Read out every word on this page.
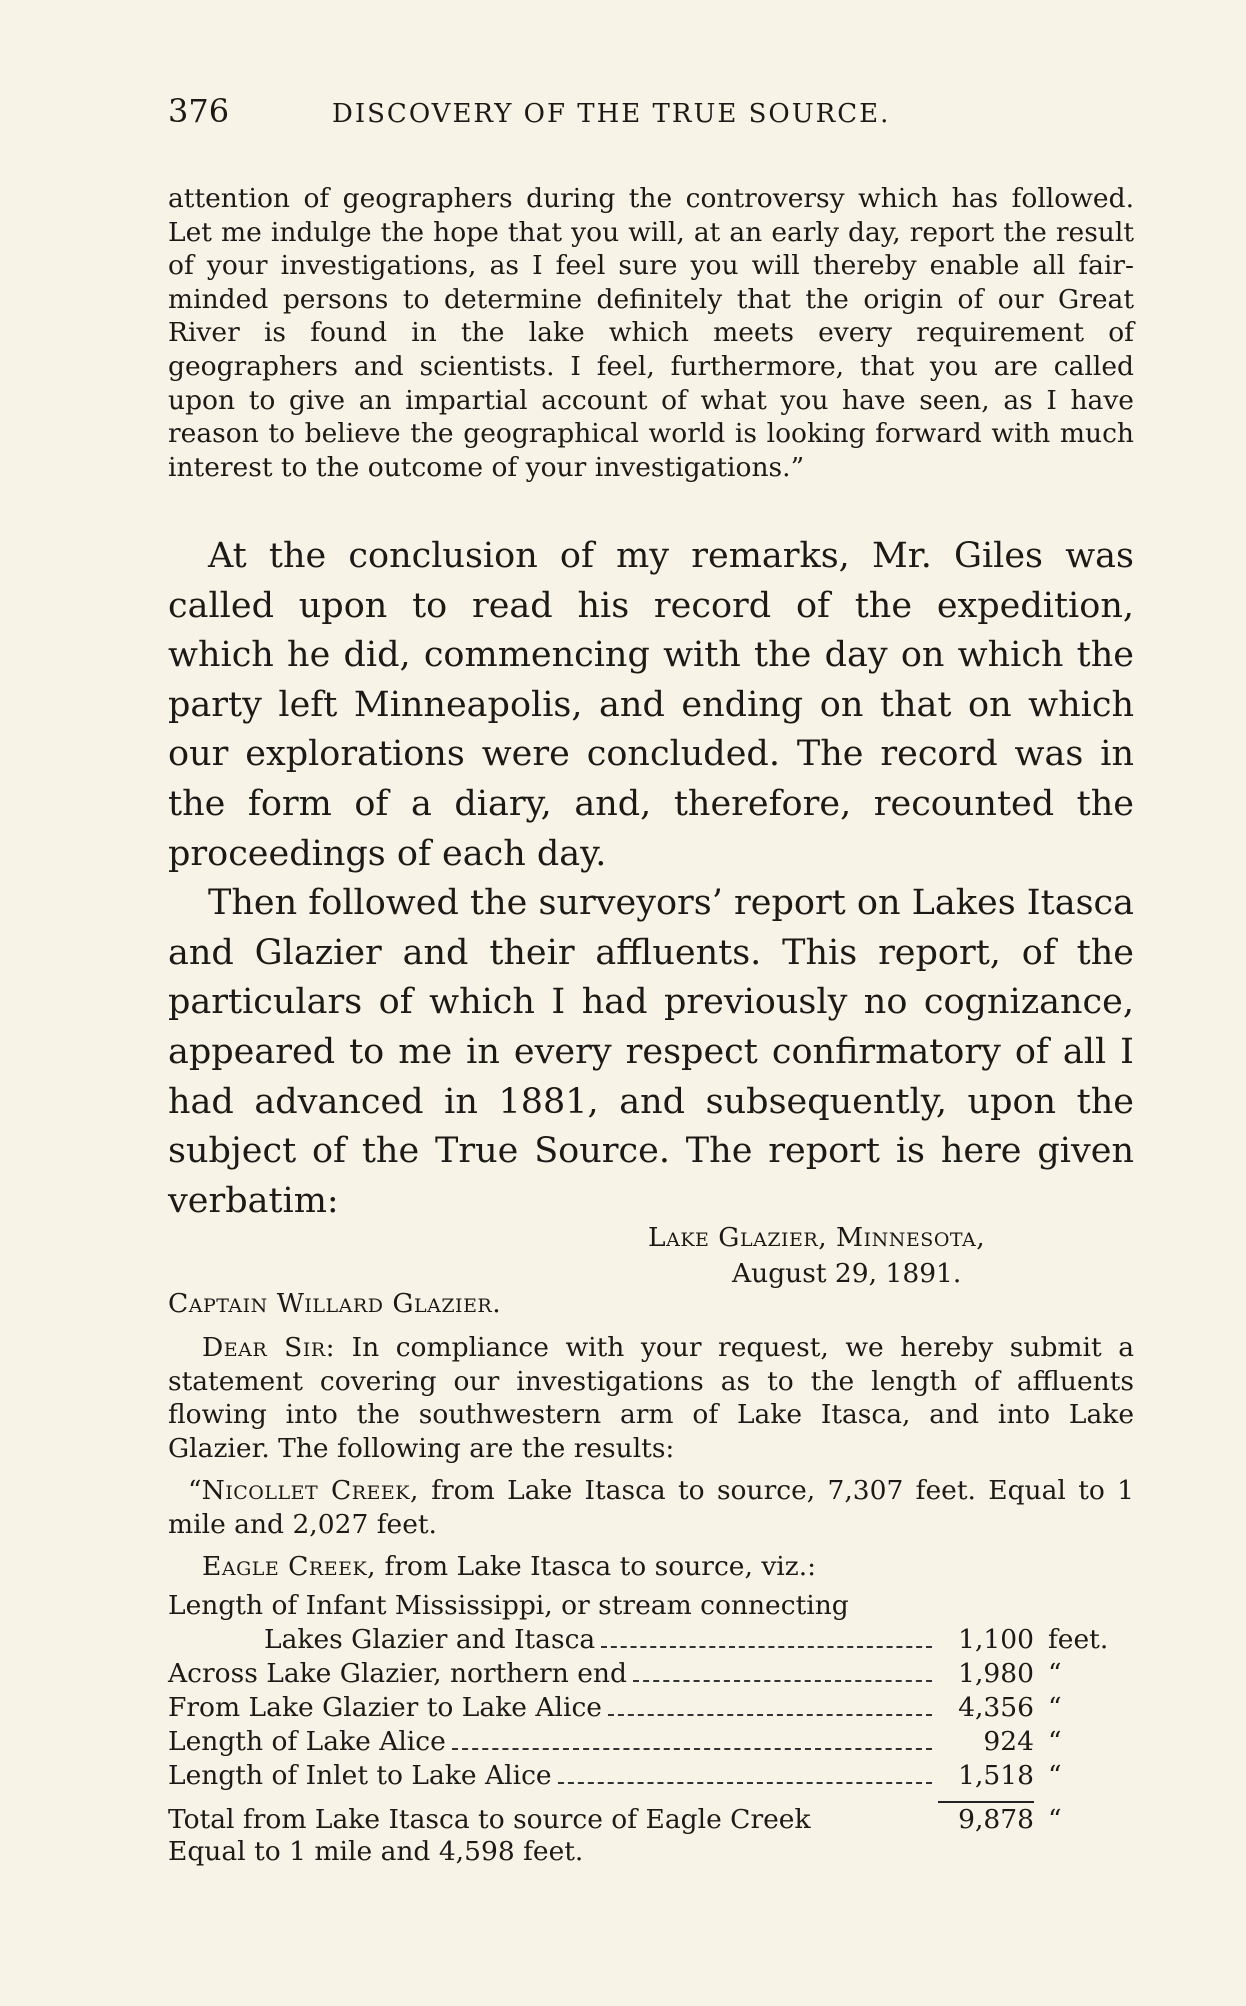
376	DISCOVERY OF THE TRUE SOURCE.
attention of geographers during the controversy which has followed. Let me indulge the hope that you will, at an early day, report the result of your investigations, as I feel sure you will thereby enable all fair-minded persons to determine definitely that the origin of our Great River is found in the lake which meets every requirement of geographers and scientists. I feel, furthermore, that you are called upon to give an impartial account of what you have seen, as I have reason to believe the geographical world is looking forward with much interest to the outcome of your investigations.”

At the conclusion of my remarks, Mr. Giles was called upon to read his record of the expedition, which he did, commencing with the day on which the party left Minneapolis, and ending on that on which our explorations were concluded. The record was in the form of a diary, and, therefore, recounted the proceedings of each day.

Then followed the surveyors’ report on Lakes Itasca and Glazier and their affluents. This report, of the particulars of which I had previously no cognizance, appeared to me in every respect confirmatory of all I had advanced in 1881, and subsequently, upon the subject of the True Source. The report is here given verbatim:

Lake Glazier, Minnesota,
August 29, 1891.
Captain Willard Glazier.
Dear Sir: In compliance with your request, we hereby submit a statement covering our investigations as to the length of affluents flowing into the southwestern arm of Lake Itasca, and into Lake Glazier. The following are the results:
“Nicollet Creek, from Lake Itasca to source, 7,307 feet. Equal to 1 mile and 2,027 feet.
Eagle Creek, from Lake Itasca to source, viz.:
Length of Infant Mississippi, or stream connecting
Lakes Glazier and Itasca	1,100 feet.
Across Lake Glazier, northern end	1,980 “
From Lake Glazier to Lake Alice	4,356 “
Length of Lake Alice	924 “
Length of Inlet to Lake Alice	1,518 “
Total from Lake Itasca to source of Eagle Creek	9,878 “
Equal to 1 mile and 4,598 feet.
